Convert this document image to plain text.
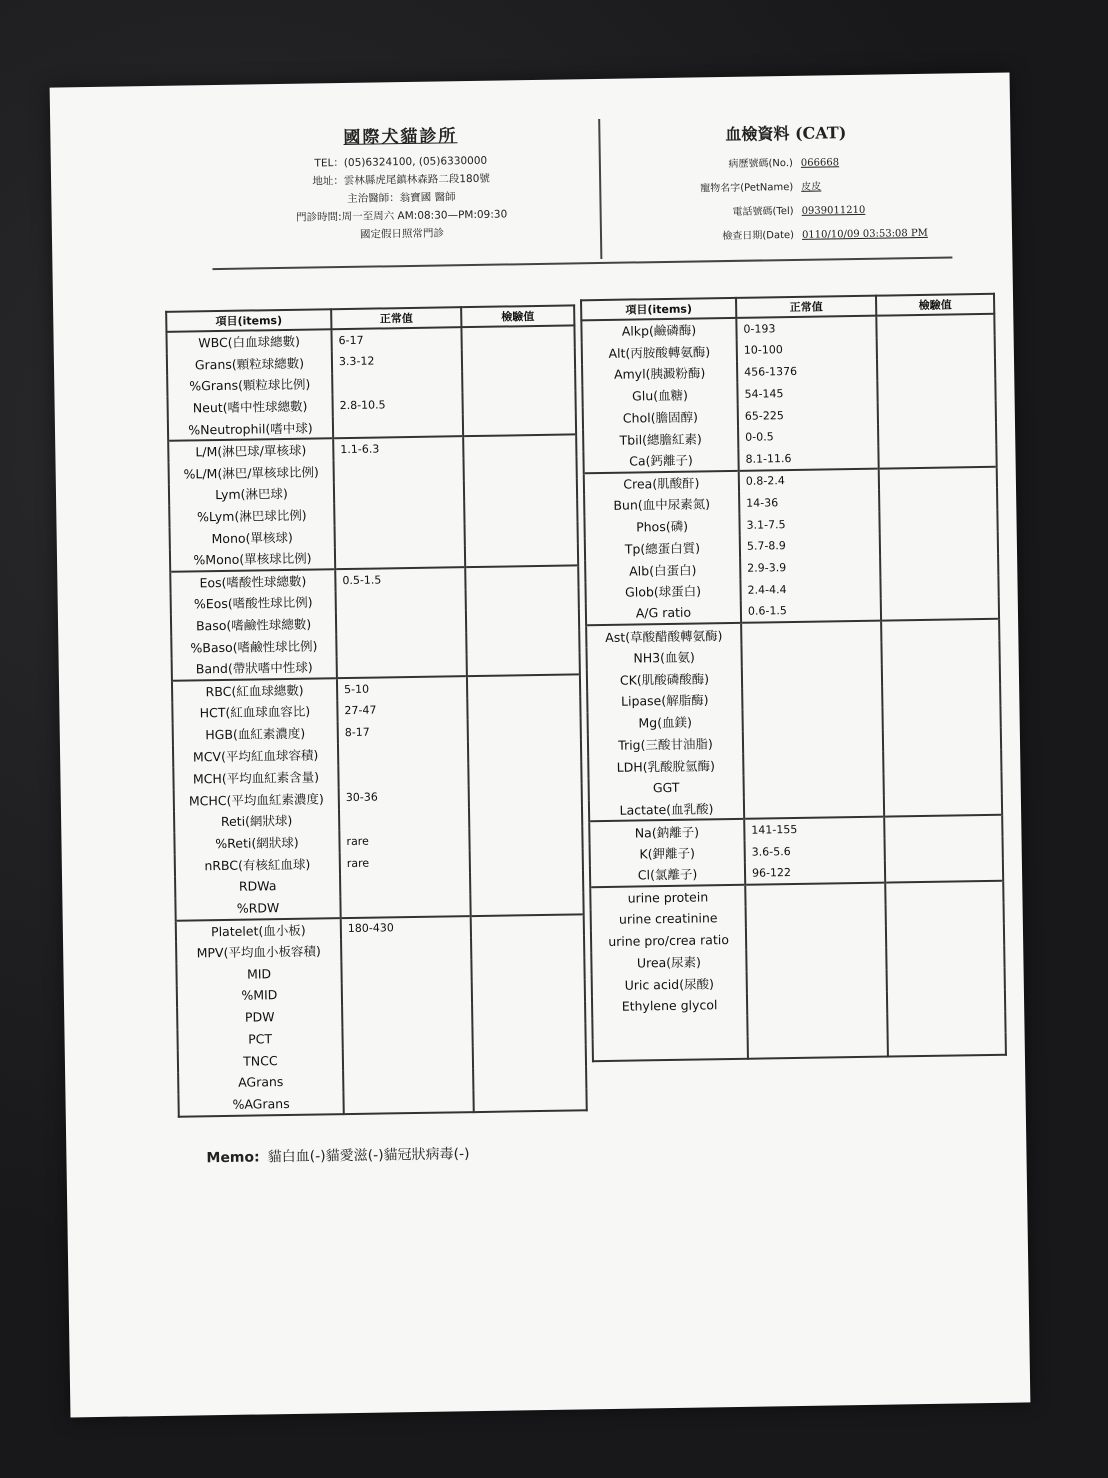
國際犬貓診所
TEL：(05)6324100, (05)6330000
地址：雲林縣虎尾鎮林森路二段180號
主治醫師：翁寶國 醫師
門診時間:周一至周六 AM:08:30—PM:09:30
國定假日照常門診
血檢資料 (CAT)
病歷號碼(No.) 066668
寵物名字(PetName) 皮皮
電話號碼(Tel) 0939011210
檢查日期(Date) 0110/10/09 03:53:08 PM
項目(items)	正常值	檢驗值
WBC(白血球總數)	6-17	
Grans(顆粒球總數)	3.3-12	
%Grans(顆粒球比例)		
Neut(嗜中性球總數)	2.8-10.5	
%Neutrophil(嗜中球)		
L/M(淋巴球/單核球)	1.1-6.3	
%L/M(淋巴/單核球比例)		
Lym(淋巴球)		
%Lym(淋巴球比例)		
Mono(單核球)		
%Mono(單核球比例)		
Eos(嗜酸性球總數)	0.5-1.5	
%Eos(嗜酸性球比例)		
Baso(嗜鹼性球總數)		
%Baso(嗜鹼性球比例)		
Band(帶狀嗜中性球)		
RBC(紅血球總數)	5-10	
HCT(紅血球血容比)	27-47	
HGB(血紅素濃度)	8-17	
MCV(平均紅血球容積)		
MCH(平均血紅素含量)		
MCHC(平均血紅素濃度)	30-36	
Reti(網狀球)		
%Reti(網狀球)	rare	
nRBC(有核紅血球)	rare	
RDWa		
%RDW		
Platelet(血小板)	180-430	
MPV(平均血小板容積)		
MID		
%MID		
PDW		
PCT		
TNCC		
AGrans		
%AGrans		
項目(items)	正常值	檢驗值
Alkp(鹼磷酶)	0-193	
Alt(丙胺酸轉氨酶)	10-100	
Amyl(胰澱粉酶)	456-1376	
Glu(血糖)	54-145	
Chol(膽固醇)	65-225	
Tbil(總膽紅素)	0-0.5	
Ca(鈣離子)	8.1-11.6	
Crea(肌酸酐)	0.8-2.4	
Bun(血中尿素氮)	14-36	
Phos(磷)	3.1-7.5	
Tp(總蛋白質)	5.7-8.9	
Alb(白蛋白)	2.9-3.9	
Glob(球蛋白)	2.4-4.4	
A/G ratio	0.6-1.5	
Ast(草酸醋酸轉氨酶)		
NH3(血氨)		
CK(肌酸磷酸酶)		
Lipase(解脂酶)		
Mg(血鎂)		
Trig(三酸甘油脂)		
LDH(乳酸脫氫酶)		
GGT		
Lactate(血乳酸)		
Na(鈉離子)	141-155	
K(鉀離子)	3.6-5.6	
Cl(氯離子)	96-122	
urine protein		
urine creatinine		
urine pro/crea ratio		
Urea(尿素)		
Uric acid(尿酸)		
Ethylene glycol		

Memo: 貓白血(-)貓愛滋(-)貓冠狀病毒(-)
